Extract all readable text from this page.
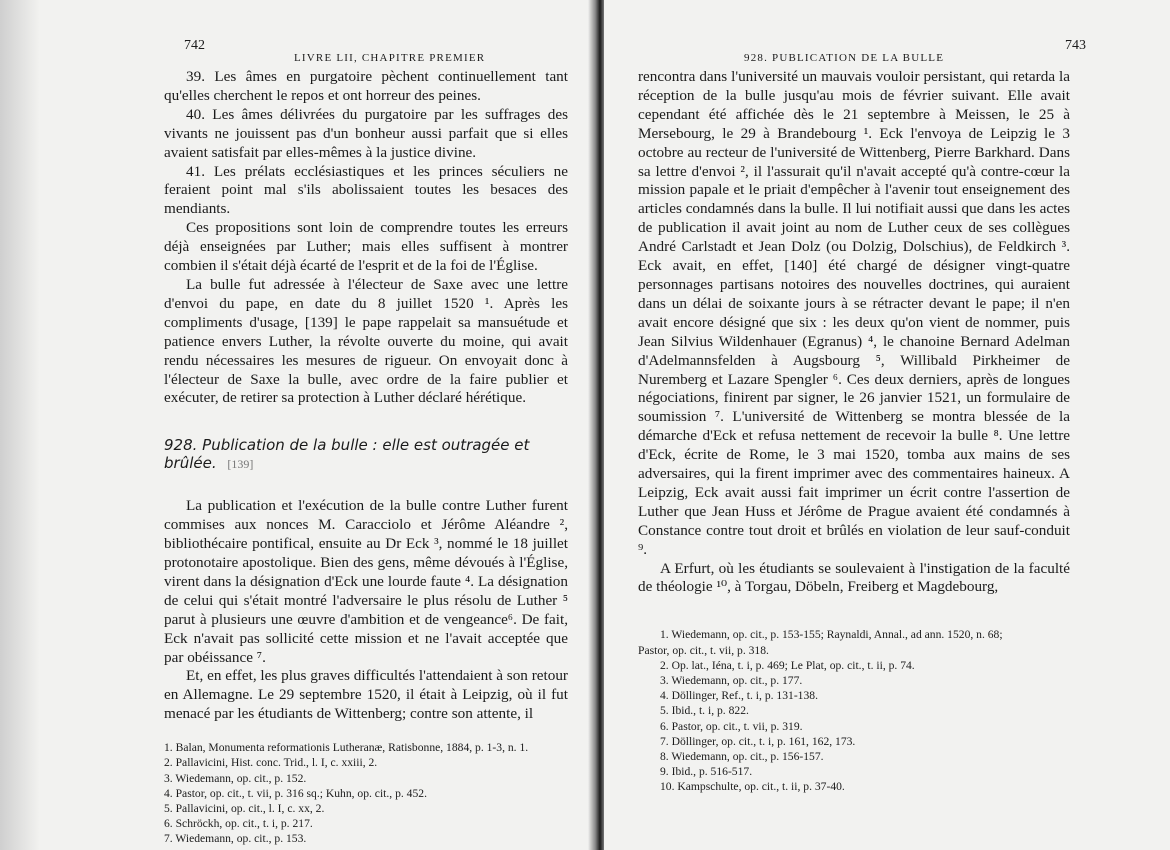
742
LIVRE LII, CHAPITRE PREMIER

39. Les âmes en purgatoire pèchent continuellement tant qu'elles cherchent le repos et ont horreur des peines.

40. Les âmes délivrées du purgatoire par les suffrages des vivants ne jouissent pas d'un bonheur aussi parfait que si elles avaient satisfait par elles-mêmes à la justice divine.

41. Les prélats ecclésiastiques et les princes séculiers ne feraient point mal s'ils abolissaient toutes les besaces des mendiants.

Ces propositions sont loin de comprendre toutes les erreurs déjà enseignées par Luther; mais elles suffisent à montrer combien il s'était déjà écarté de l'esprit et de la foi de l'Église.

La bulle fut adressée à l'électeur de Saxe avec une lettre d'envoi du pape, en date du 8 juillet 1520 ¹. Après les compliments d'usage, [139] le pape rappelait sa mansuétude et patience envers Luther, la révolte ouverte du moine, qui avait rendu nécessaires les mesures de rigueur. On envoyait donc à l'électeur de Saxe la bulle, avec ordre de la faire publier et exécuter, de retirer sa protection à Luther déclaré hérétique.

928. Publication de la bulle : elle est outragée et brûlée. [139]

La publication et l'exécution de la bulle contre Luther furent commises aux nonces M. Caracciolo et Jérôme Aléandre ², bibliothécaire pontifical, ensuite au Dr Eck ³, nommé le 18 juillet protonotaire apostolique. Bien des gens, même dévoués à l'Église, virent dans la désignation d'Eck une lourde faute ⁴. La désignation de celui qui s'était montré l'adversaire le plus résolu de Luther ⁵ parut à plusieurs une œuvre d'ambition et de vengeance⁶. De fait, Eck n'avait pas sollicité cette mission et ne l'avait acceptée que par obéissance ⁷.

Et, en effet, les plus graves difficultés l'attendaient à son retour en Allemagne. Le 29 septembre 1520, il était à Leipzig, où il fut menacé par les étudiants de Wittenberg; contre son attente, il

1. Balan, Monumenta reformationis Lutheranæ, Ratisbonne, 1884, p. 1-3, n. 1.
2. Pallavicini, Hist. conc. Trid., l. I, c. xxiii, 2.
3. Wiedemann, op. cit., p. 152.
4. Pastor, op. cit., t. vii, p. 316 sq.; Kuhn, op. cit., p. 452.
5. Pallavicini, op. cit., l. I, c. xx, 2.
6. Schröckh, op. cit., t. i, p. 217.
7. Wiedemann, op. cit., p. 153.
928. PUBLICATION DE LA BULLE
743

rencontra dans l'université un mauvais vouloir persistant, qui retarda la réception de la bulle jusqu'au mois de février suivant. Elle avait cependant été affichée dès le 21 septembre à Meissen, le 25 à Mersebourg, le 29 à Brandebourg ¹. Eck l'envoya de Leipzig le 3 octobre au recteur de l'université de Wittenberg, Pierre Barkhard. Dans sa lettre d'envoi ², il l'assurait qu'il n'avait accepté qu'à contre-cœur la mission papale et le priait d'empêcher à l'avenir tout enseignement des articles condamnés dans la bulle. Il lui notifiait aussi que dans les actes de publication il avait joint au nom de Luther ceux de ses collègues André Carlstadt et Jean Dolz (ou Dolzig, Dolschius), de Feldkirch ³. Eck avait, en effet, [140] été chargé de désigner vingt-quatre personnages partisans notoires des nouvelles doctrines, qui auraient dans un délai de soixante jours à se rétracter devant le pape; il n'en avait encore désigné que six : les deux qu'on vient de nommer, puis Jean Silvius Wildenhauer (Egranus) ⁴, le chanoine Bernard Adelman d'Adelmannsfelden à Augsbourg ⁵, Willibald Pirkheimer de Nuremberg et Lazare Spengler ⁶. Ces deux derniers, après de longues négociations, finirent par signer, le 26 janvier 1521, un formulaire de soumission ⁷. L'université de Wittenberg se montra blessée de la démarche d'Eck et refusa nettement de recevoir la bulle ⁸. Une lettre d'Eck, écrite de Rome, le 3 mai 1520, tomba aux mains de ses adversaires, qui la firent imprimer avec des commentaires haineux. A Leipzig, Eck avait aussi fait imprimer un écrit contre l'assertion de Luther que Jean Huss et Jérôme de Prague avaient été condamnés à Constance contre tout droit et brûlés en violation de leur sauf-conduit ⁹.

A Erfurt, où les étudiants se soulevaient à l'instigation de la faculté de théologie ¹⁰, à Torgau, Döbeln, Freiberg et Magdebourg,

1. Wiedemann, op. cit., p. 153-155; Raynaldi, Annal., ad ann. 1520, n. 68;
Pastor, op. cit., t. vii, p. 318.
2. Op. lat., Iéna, t. i, p. 469; Le Plat, op. cit., t. ii, p. 74.
3. Wiedemann, op. cit., p. 177.
4. Döllinger, Ref., t. i, p. 131-138.
5. Ibid., t. i, p. 822.
6. Pastor, op. cit., t. vii, p. 319.
7. Döllinger, op. cit., t. i, p. 161, 162, 173.
8. Wiedemann, op. cit., p. 156-157.
9. Ibid., p. 516-517.
10. Kampschulte, op. cit., t. ii, p. 37-40.
